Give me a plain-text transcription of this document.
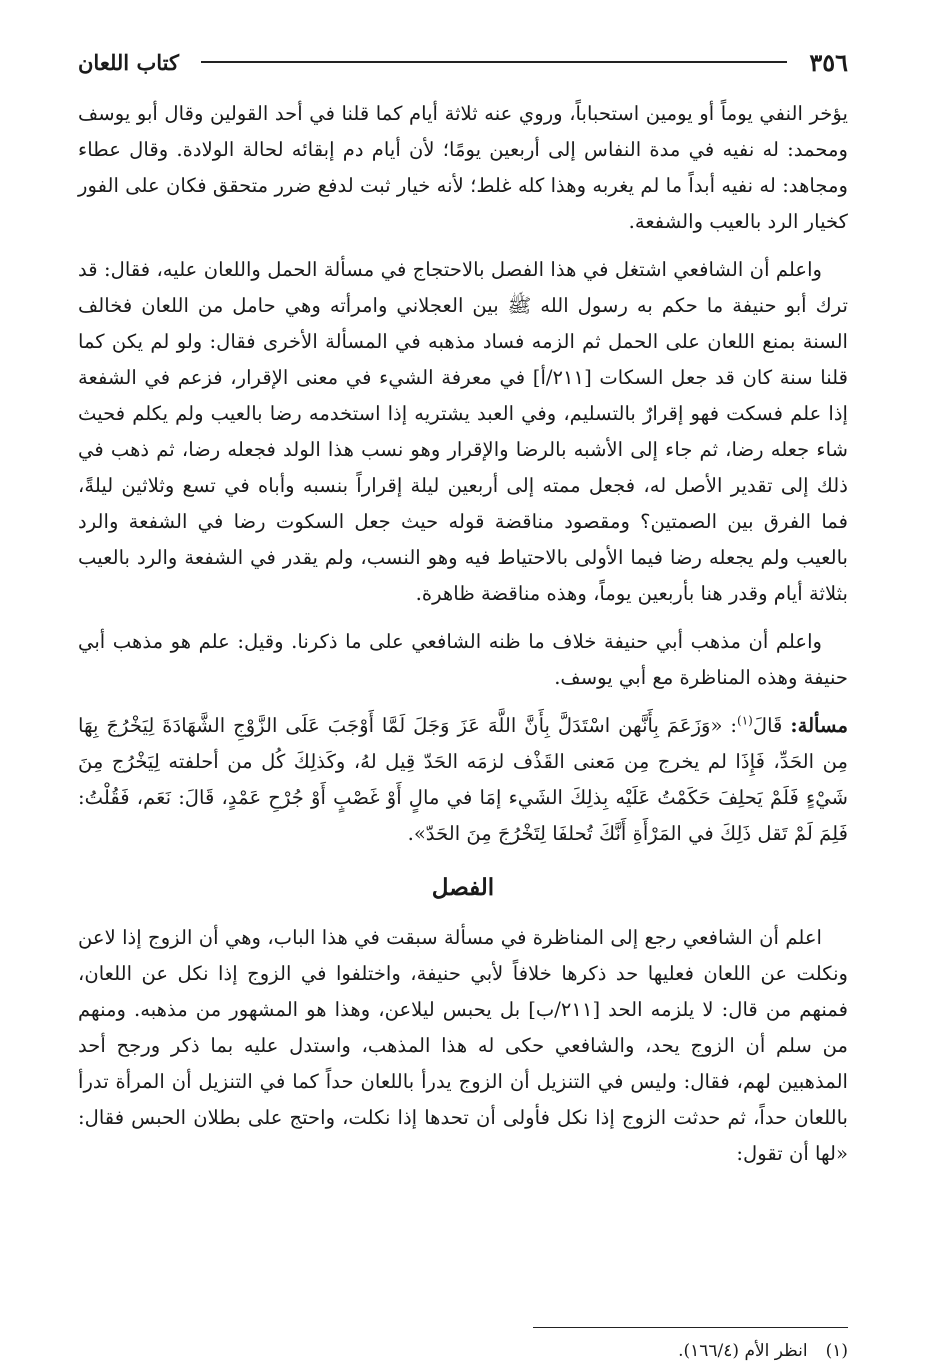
٣٥٦
كتاب اللعان

يؤخر النفي يوماً أو يومين استحباباً، وروي عنه ثلاثة أيام كما قلنا في أحد القولين وقال أبو يوسف ومحمد: له نفيه في مدة النفاس إلى أربعين يومًا؛ لأن أيام دم إبقائه لحالة الولادة. وقال عطاء ومجاهد: له نفيه أبداً ما لم يغربه وهذا كله غلط؛ لأنه خيار ثبت لدفع ضرر متحقق فكان على الفور كخيار الرد بالعيب والشفعة.

واعلم أن الشافعي اشتغل في هذا الفصل بالاحتجاج في مسألة الحمل واللعان عليه، فقال: قد ترك أبو حنيفة ما حكم به رسول الله ﷺ بين العجلاني وامرأته وهي حامل من اللعان فخالف السنة بمنع اللعان على الحمل ثم الزمه فساد مذهبه في المسألة الأخرى فقال: ولو لم يكن كما قلنا سنة كان قد جعل السكات [٢١١/أ] في معرفة الشيء في معنى الإقرار، فزعم في الشفعة إذا علم فسكت فهو إقرارٌ بالتسليم، وفي العبد يشتريه إذا استخدمه رضا بالعيب ولم يكلم فحيث شاء جعله رضا، ثم جاء إلى الأشبه بالرضا والإقرار وهو نسب هذا الولد فجعله رضا، ثم ذهب في ذلك إلى تقدير الأصل له، فجعل ممته إلى أربعين ليلة إقراراً بنسبه وأباه في تسع وثلاثين ليلةً، فما الفرق بين الصمتين؟ ومقصود مناقضة قوله حيث جعل السكوت رضا في الشفعة والرد بالعيب ولم يجعله رضا فيما الأولى بالاحتياط فيه وهو النسب، ولم يقدر في الشفعة والرد بالعيب بثلاثة أيام وقدر هنا بأربعين يوماً، وهذه مناقضة ظاهرة.

واعلم أن مذهب أبي حنيفة خلاف ما ظنه الشافعي على ما ذكرنا. وقيل: علم هو مذهب أبي حنيفة وهذه المناظرة مع أبي يوسف.

مسألة: قَالَ$^{(١)}$: «وَزَعَمَ بِأَنَّهن اسْتَدَلَّ بِأَنَّ اللَّهَ عَزَ وَجَلَ لَمَّا أَوْجَبَ عَلَى الزَّوْجِ الشَّهَادَةَ لِيَخْرُجَ بِهَا مِن الحَدِّ، فَإِذَا لم يخرج مِن مَعنى القَذْف لزمَه الحَدّ قِيل لهُ، وكَذلِكَ كُل من أحلفته لِيَخْرُج مِنَ شَيْءٍ فَلَمْ يَحلِفَ حَكَمْتُ عَلَيْه بِذلِكَ الشَيء إمَا في مالٍ أَوْ غَصْبٍ أَوْ جُرْحِ عَمْدٍ، قَالَ: نَعَم، فَقُلْتُ: فَلِمَ لَمْ تَقل ذَلِكَ في المَرْأَةِ أَنَّكَ تُحلفَا لِتَخْرُجَ مِنَ الحَدّ».

الفصل

اعلم أن الشافعي رجع إلى المناظرة في مسألة سبقت في هذا الباب، وهي أن الزوج إذا لاعن ونكلت عن اللعان فعليها حد ذكرها خلافاً لأبي حنيفة، واختلفوا في الزوج إذا نكل عن اللعان، فمنهم من قال: لا يلزمه الحد [٢١١/ب] بل يحبس ليلاعن، وهذا هو المشهور من مذهبه. ومنهم من سلم أن الزوج يحد، والشافعي حكى له هذا المذهب، واستدل عليه بما ذكر ورجح أحد المذهبين لهم، فقال: وليس في التنزيل أن الزوج يدرأ باللعان حداً كما في التنزيل أن المرأة تدرأ باللعان حداً، ثم حدثت الزوج إذا نكل فأولى أن تحدها إذا نكلت، واحتج على بطلان الحبس فقال: «لها أن تقول:

(١)انظر الأم (١٦٦/٤).
